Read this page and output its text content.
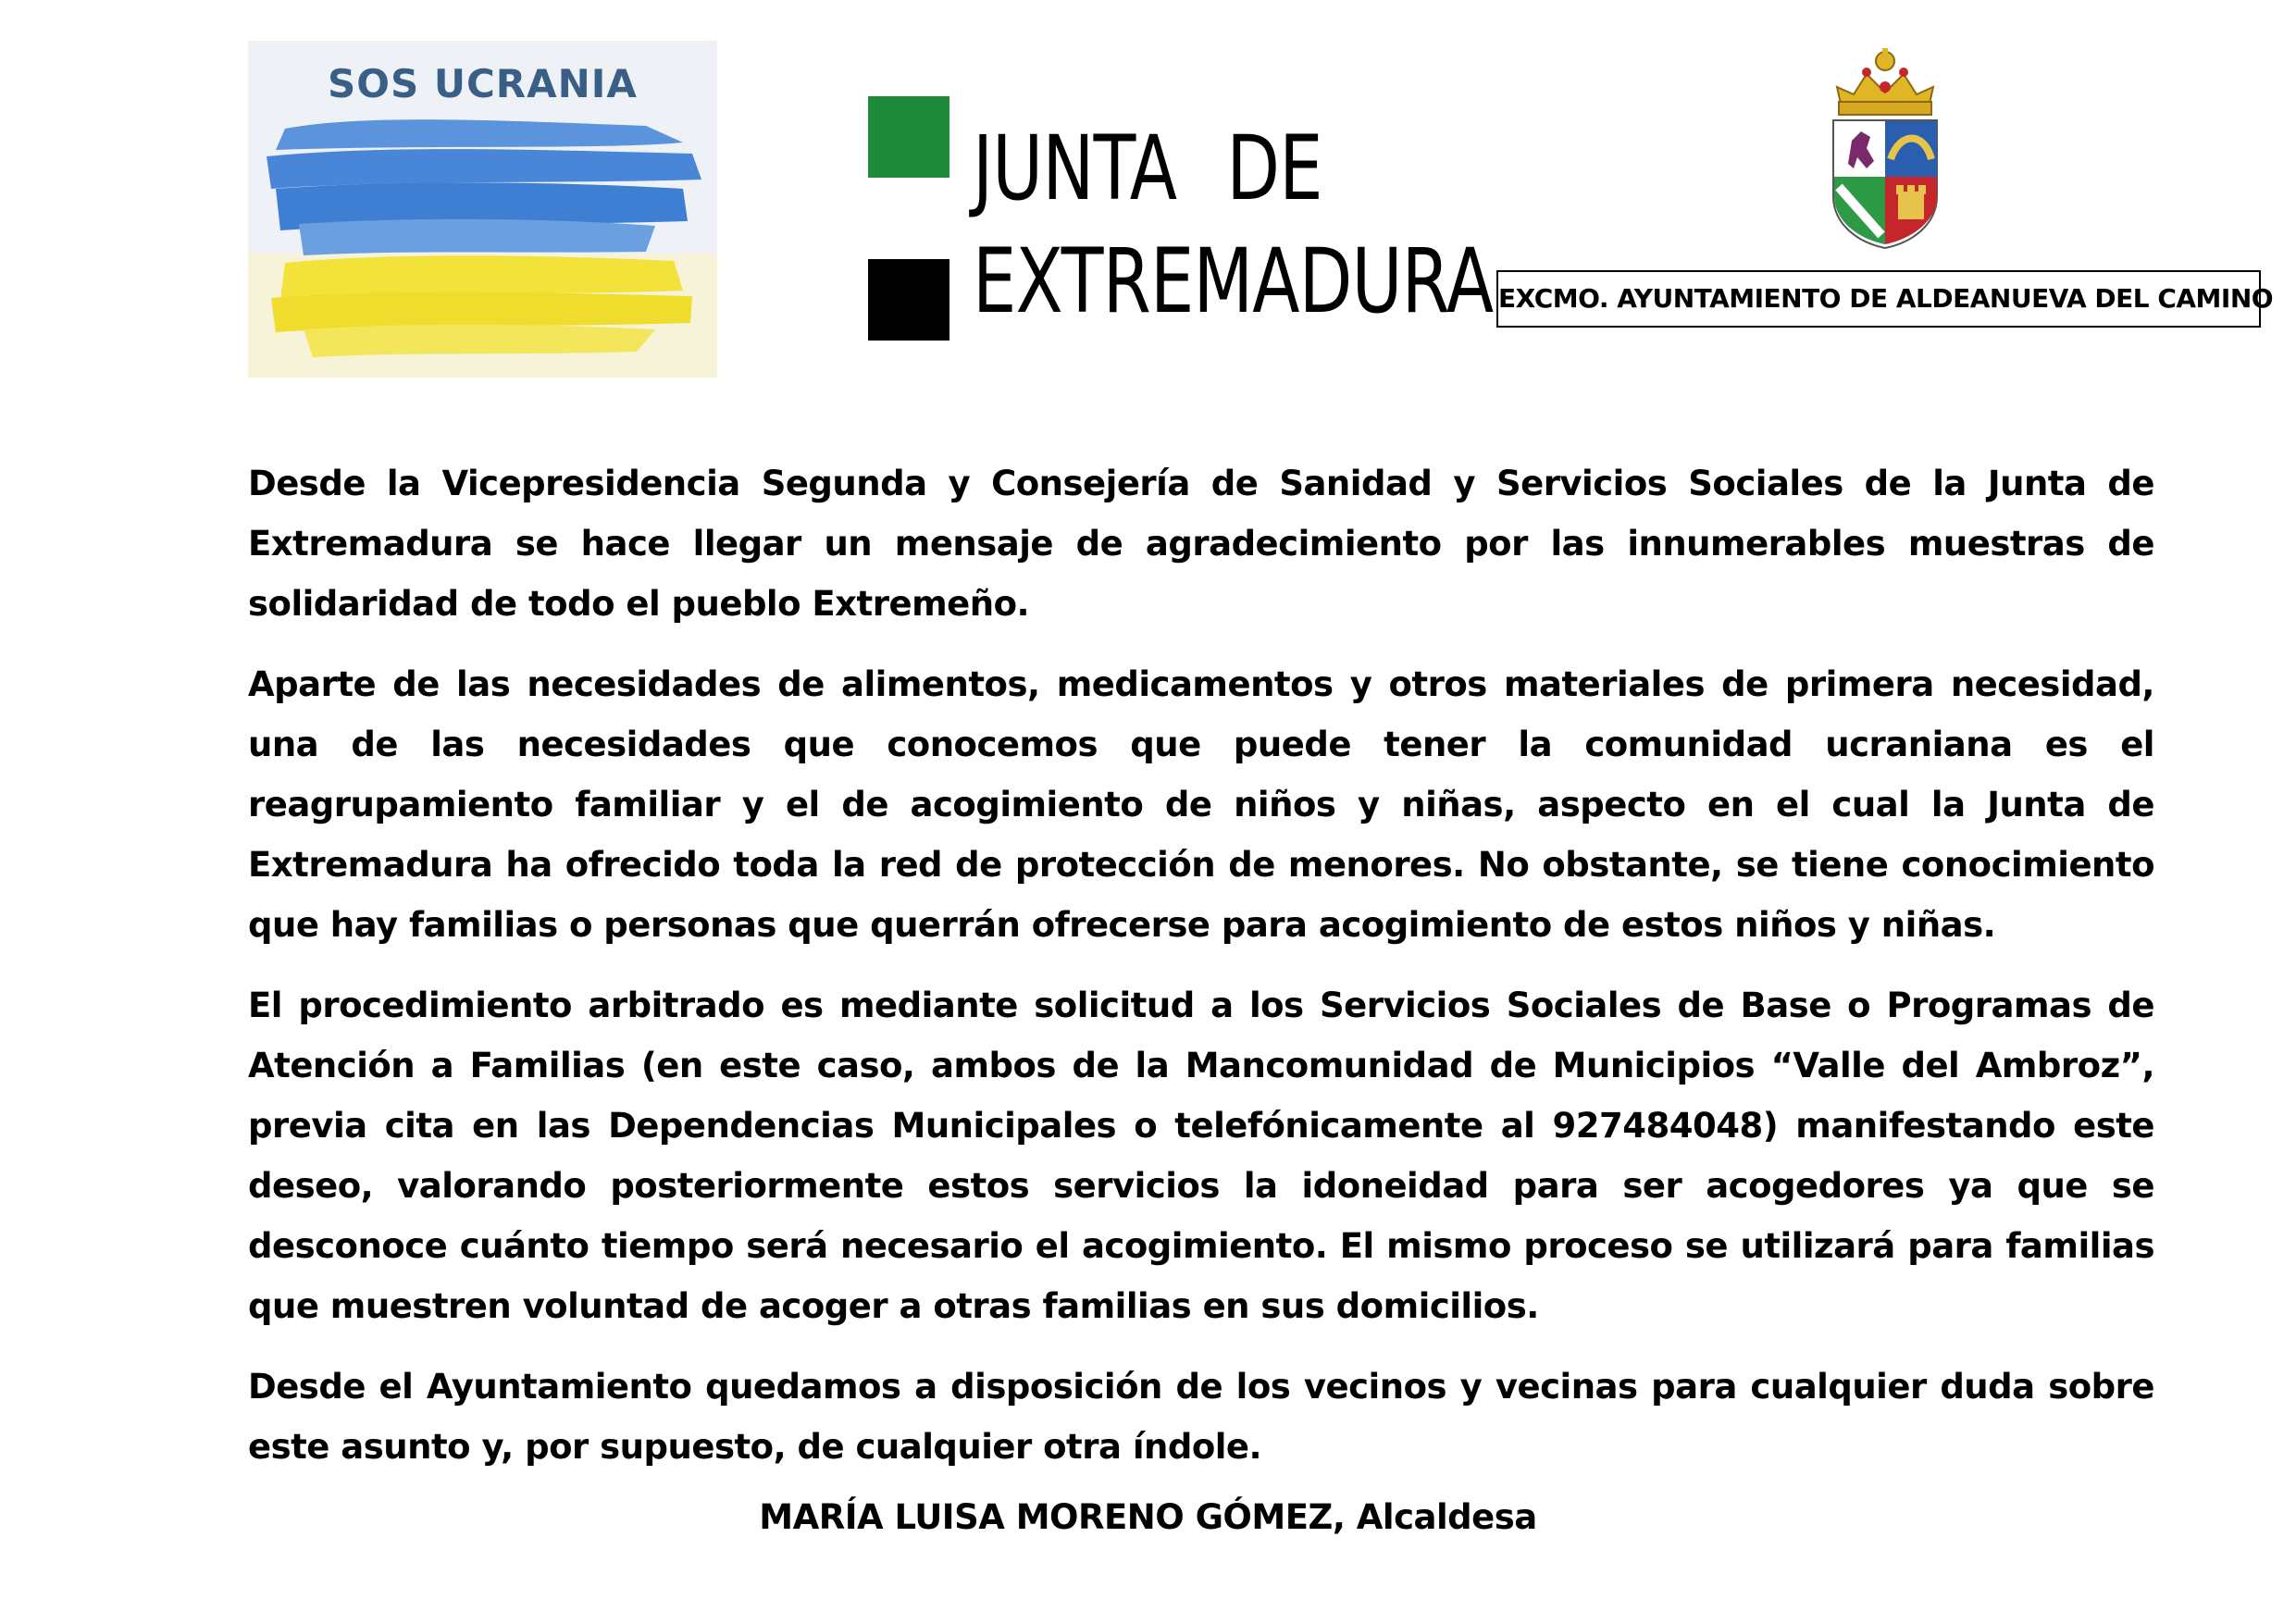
SOS UCRANIA
JUNTA DE
EXTREMADURA EXCMO. AYUNTAMIENTO DE ALDEANUEVA DEL CAMINO

Desde la Vicepresidencia Segunda y Consejería de Sanidad y Servicios Sociales de la Junta de Extremadura se hace llegar un mensaje de agradecimiento por las innumerables muestras de solidaridad de todo el pueblo Extremeño.

Aparte de las necesidades de alimentos, medicamentos y otros materiales de primera necesidad, una de las necesidades que conocemos que puede tener la comunidad ucraniana es el reagrupamiento familiar y el de acogimiento de niños y niñas, aspecto en el cual la Junta de Extremadura ha ofrecido toda la red de protección de menores. No obstante, se tiene conocimiento que hay familias o personas que querrán ofrecerse para acogimiento de estos niños y niñas.

El procedimiento arbitrado es mediante solicitud a los Servicios Sociales de Base o Programas de Atención a Familias (en este caso, ambos de la Mancomunidad de Municipios “Valle del Ambroz”, previa cita en las Dependencias Municipales o telefónicamente al 927484048) manifestando este deseo, valorando posteriormente estos servicios la idoneidad para ser acogedores ya que se desconoce cuánto tiempo será necesario el acogimiento. El mismo proceso se utilizará para familias que muestren voluntad de acoger a otras familias en sus domicilios.

Desde el Ayuntamiento quedamos a disposición de los vecinos y vecinas para cualquier duda sobre este asunto y, por supuesto, de cualquier otra índole.

MARÍA LUISA MORENO GÓMEZ, Alcaldesa
